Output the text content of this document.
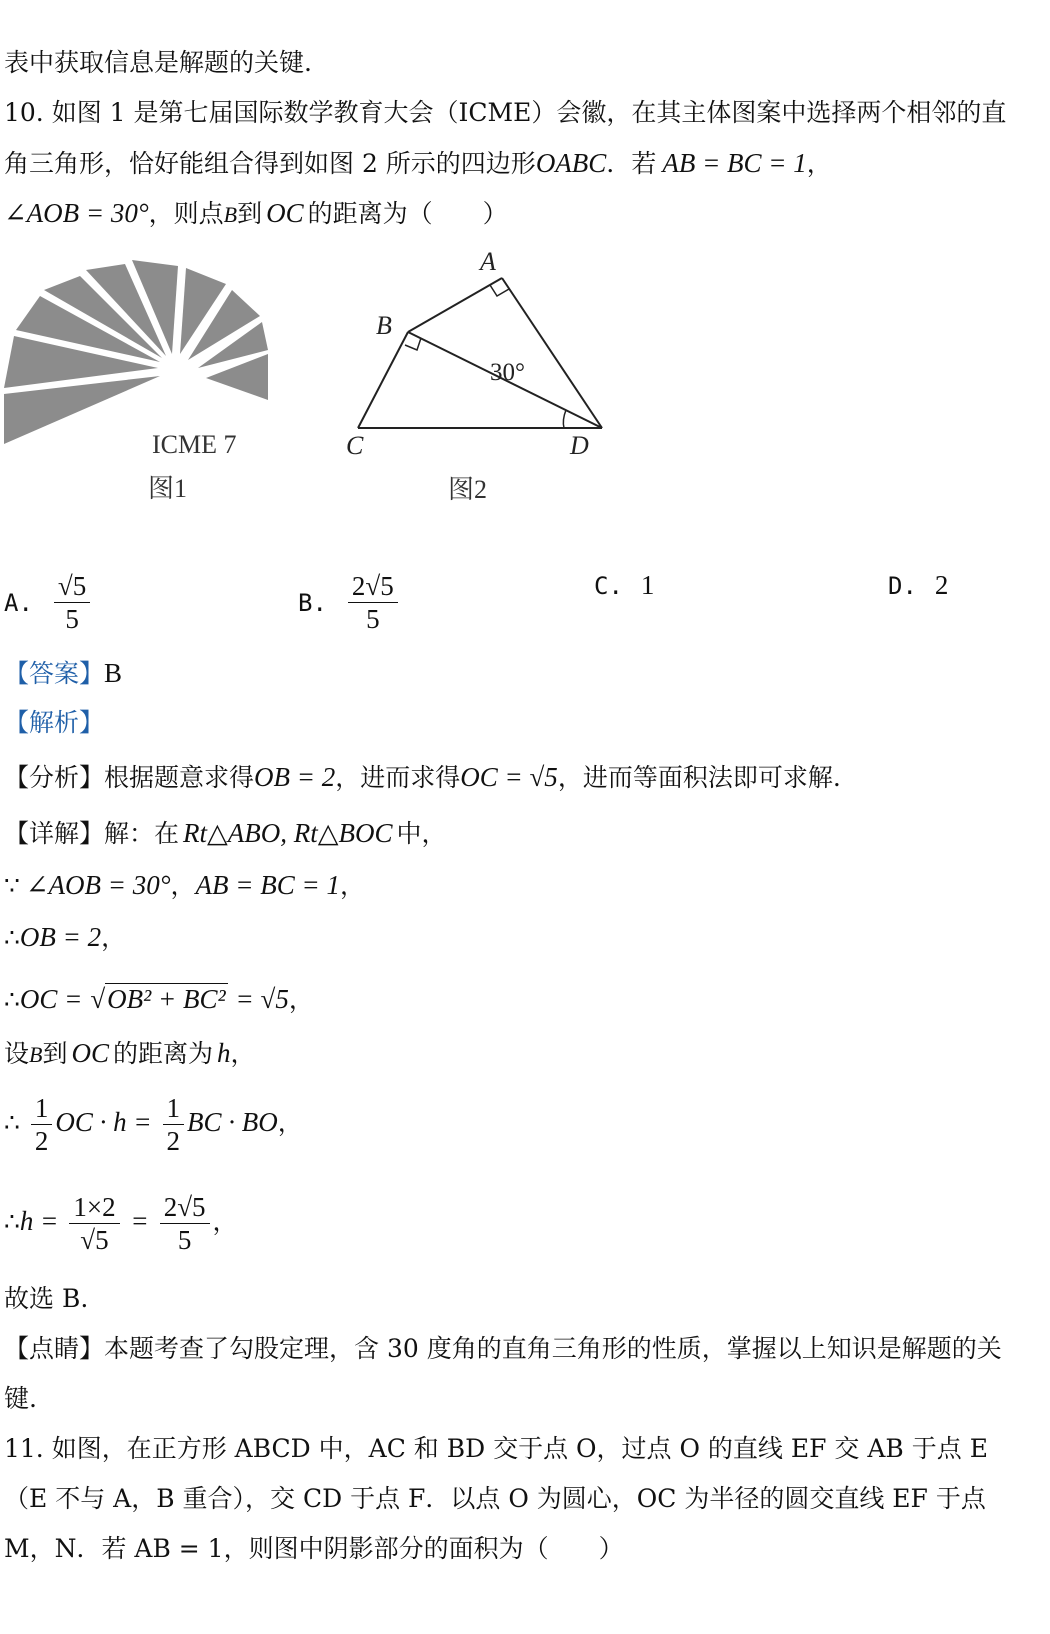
表中获取信息是解题的关键.
10. 如图 1 是第七届国际数学教育大会（ICME）会徽，在其主体图案中选择两个相邻的直
角三角形，恰好能组合得到如图 2 所示的四边形OABC．若 AB = BC = 1，
∠AOB = 30°，则点B到 OC 的距离为（　　）
ICME 7
图1
A
B
C	D
30°
图2
A. $\frac{√5}{5}$	B. $\frac{2√5}{5}$	C. 1	D. 2
【答案】B
【解析】
【分析】根据题意求得OB = 2，进而求得OC = √5，进而等面积法即可求解.
【详解】解：在 Rt△ABO, Rt△BOC 中，
∵ ∠AOB = 30°，AB = BC = 1，
∴OB = 2，
∴OC = √OB² + BC² = √5，
设B到 OC 的距离为 h，
∴ $\frac{1}{2}$ OC · $h = \frac{1}{2}$ BC · BO，
∴h = $\frac{1\times 2}{√5} = \frac{2√5}{5}$ ，
故选 B.
【点睛】本题考查了勾股定理，含 30 度角的直角三角形的性质，掌握以上知识是解题的关
键.
11. 如图，在正方形 ABCD 中，AC 和 BD 交于点 O，过点 O 的直线 EF 交 AB 于点 E
（E 不与 A，B 重合），交 CD 于点 F．以点 O 为圆心，OC 为半径的圆交直线 EF 于点
M，N．若 AB = 1，则图中阴影部分的面积为（　　）
